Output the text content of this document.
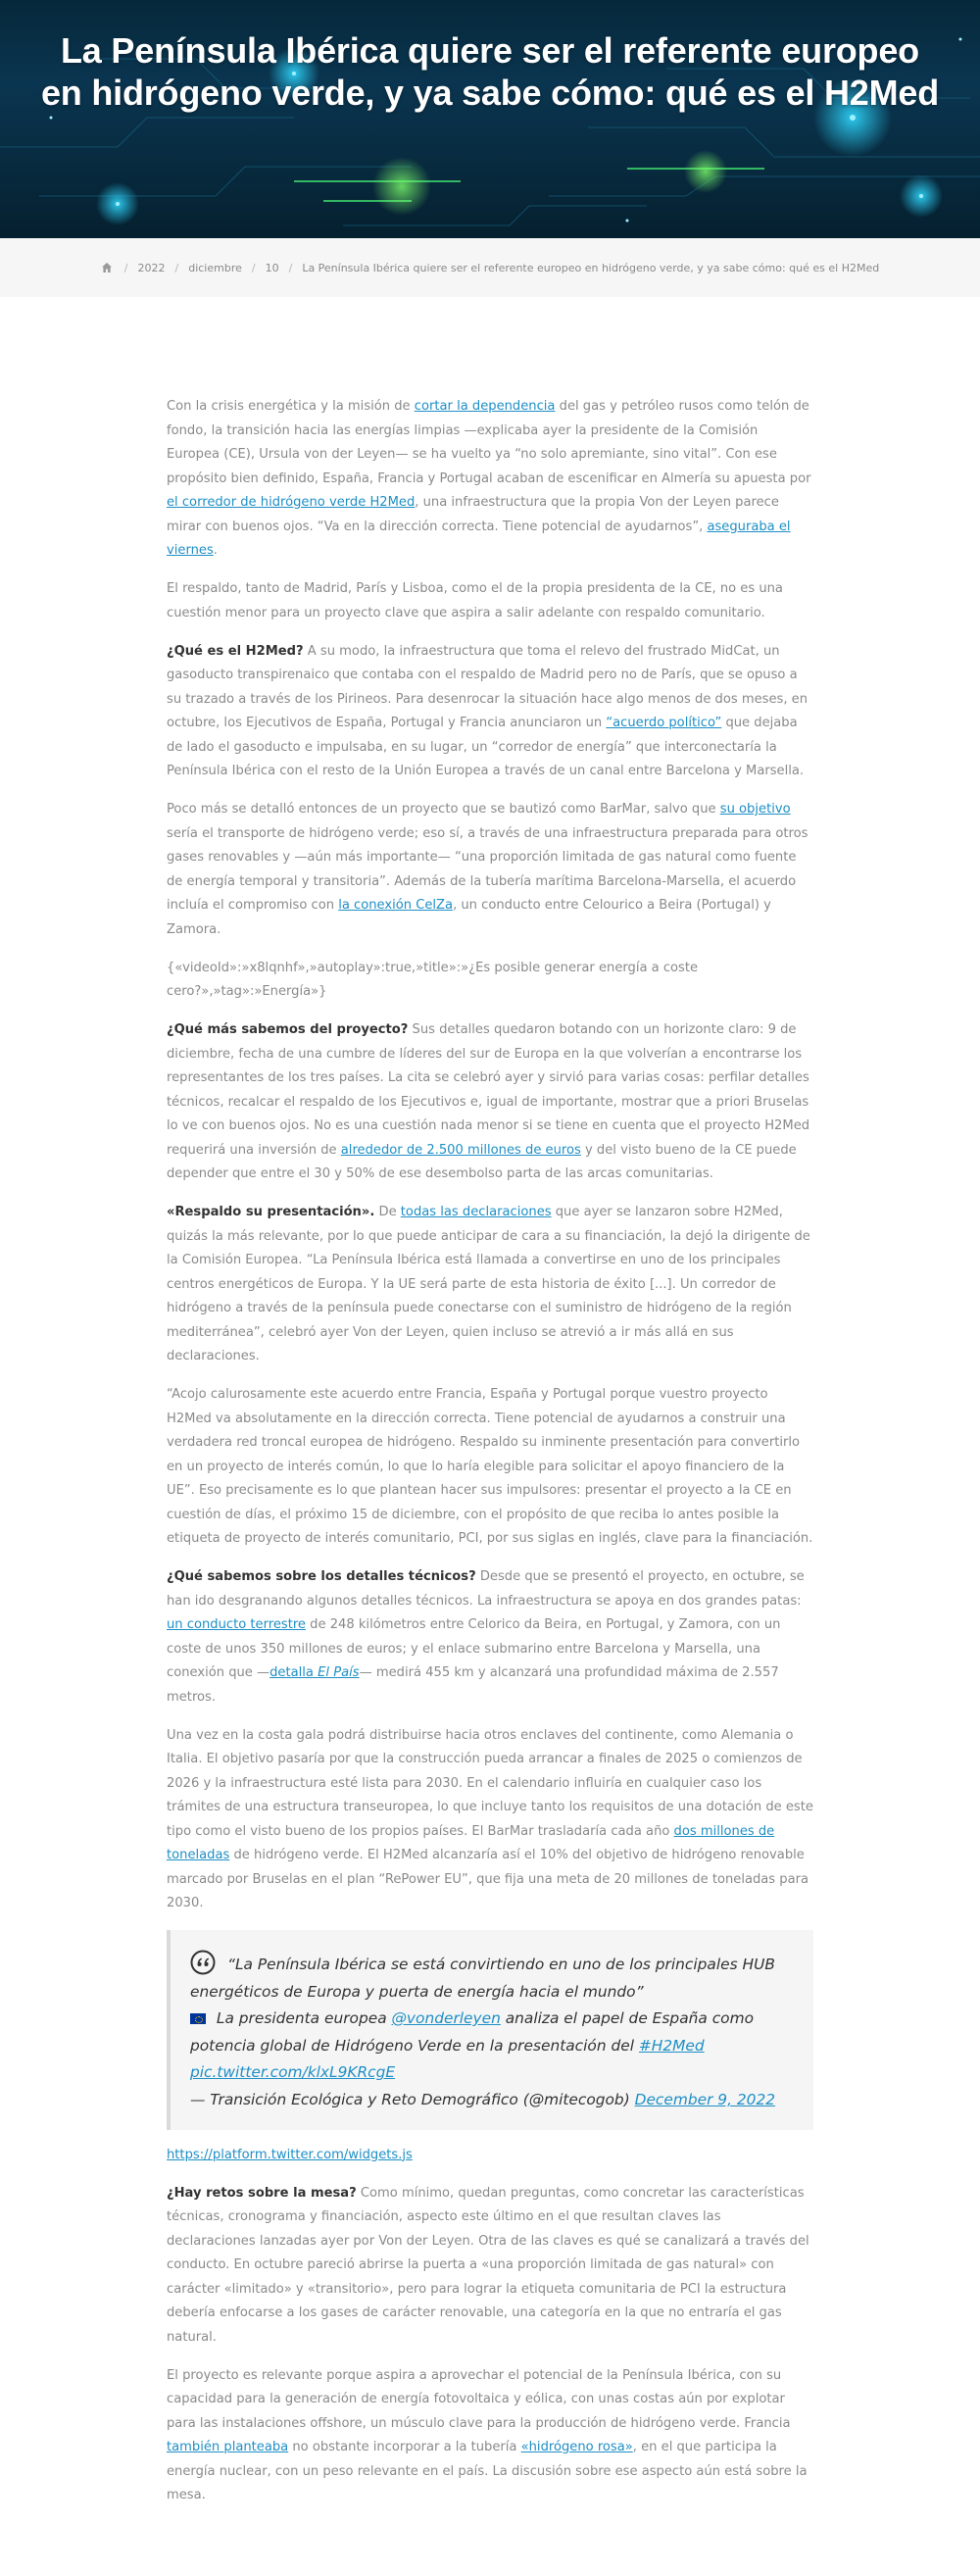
La Península Ibérica quiere ser el referente europeo
en hidrógeno verde, y ya sabe cómo: qué es el H2Med
/ 2022 / diciembre / 10 / La Península Ibérica quiere ser el referente europeo en hidrógeno verde, y ya sabe cómo: qué es el H2Med

Con la crisis energética y la misión de cortar la dependencia del gas y petróleo rusos como telón de fondo, la transición hacia las energías limpias —explicaba ayer la presidente de la Comisión Europea (CE), Ursula von der Leyen— se ha vuelto ya “no solo apremiante, sino vital”. Con ese propósito bien definido, España, Francia y Portugal acaban de escenificar en Almería su apuesta por el corredor de hidrógeno verde H2Med, una infraestructura que la propia Von der Leyen parece mirar con buenos ojos. “Va en la dirección correcta. Tiene potencial de ayudarnos”, aseguraba el viernes.

El respaldo, tanto de Madrid, París y Lisboa, como el de la propia presidenta de la CE, no es una cuestión menor para un proyecto clave que aspira a salir adelante con respaldo comunitario.

¿Qué es el H2Med? A su modo, la infraestructura que toma el relevo del frustrado MidCat, un gasoducto transpirenaico que contaba con el respaldo de Madrid pero no de París, que se opuso a su trazado a través de los Pirineos. Para desenrocar la situación hace algo menos de dos meses, en octubre, los Ejecutivos de España, Portugal y Francia anunciaron un “acuerdo político” que dejaba de lado el gasoducto e impulsaba, en su lugar, un “corredor de energía” que interconectaría la Península Ibérica con el resto de la Unión Europea a través de un canal entre Barcelona y Marsella.

Poco más se detalló entonces de un proyecto que se bautizó como BarMar, salvo que su objetivo sería el transporte de hidrógeno verde; eso sí, a través de una infraestructura preparada para otros gases renovables y —aún más importante— “una proporción limitada de gas natural como fuente de energía temporal y transitoria”. Además de la tubería marítima Barcelona-Marsella, el acuerdo incluía el compromiso con la conexión CelZa, un conducto entre Celourico a Beira (Portugal) y Zamora.

{«videoId»:»x8lqnhf»,»autoplay»:true,»title»:»¿Es posible generar energía a coste cero?»,»tag»:»Energía»}

¿Qué más sabemos del proyecto? Sus detalles quedaron botando con un horizonte claro: 9 de diciembre, fecha de una cumbre de líderes del sur de Europa en la que volverían a encontrarse los representantes de los tres países. La cita se celebró ayer y sirvió para varias cosas: perfilar detalles técnicos, recalcar el respaldo de los Ejecutivos e, igual de importante, mostrar que a priori Bruselas lo ve con buenos ojos. No es una cuestión nada menor si se tiene en cuenta que el proyecto H2Med requerirá una inversión de alrededor de 2.500 millones de euros y del visto bueno de la CE puede depender que entre el 30 y 50% de ese desembolso parta de las arcas comunitarias.

«Respaldo su presentación». De todas las declaraciones que ayer se lanzaron sobre H2Med, quizás la más relevante, por lo que puede anticipar de cara a su financiación, la dejó la dirigente de la Comisión Europea. “La Península Ibérica está llamada a convertirse en uno de los principales centros energéticos de Europa. Y la UE será parte de esta historia de éxito [...]. Un corredor de hidrógeno a través de la península puede conectarse con el suministro de hidrógeno de la región mediterránea”, celebró ayer Von der Leyen, quien incluso se atrevió a ir más allá en sus declaraciones.

“Acojo calurosamente este acuerdo entre Francia, España y Portugal porque vuestro proyecto H2Med va absolutamente en la dirección correcta. Tiene potencial de ayudarnos a construir una verdadera red troncal europea de hidrógeno. Respaldo su inminente presentación para convertirlo en un proyecto de interés común, lo que lo haría elegible para solicitar el apoyo financiero de la UE”. Eso precisamente es lo que plantean hacer sus impulsores: presentar el proyecto a la CE en cuestión de días, el próximo 15 de diciembre, con el propósito de que reciba lo antes posible la etiqueta de proyecto de interés comunitario, PCI, por sus siglas en inglés, clave para la financiación.

¿Qué sabemos sobre los detalles técnicos? Desde que se presentó el proyecto, en octubre, se han ido desgranando algunos detalles técnicos. La infraestructura se apoya en dos grandes patas: un conducto terrestre de 248 kilómetros entre Celorico da Beira, en Portugal, y Zamora, con un coste de unos 350 millones de euros; y el enlace submarino entre Barcelona y Marsella, una conexión que —detalla El País— medirá 455 km y alcanzará una profundidad máxima de 2.557 metros.

Una vez en la costa gala podrá distribuirse hacia otros enclaves del continente, como Alemania o Italia. El objetivo pasaría por que la construcción pueda arrancar a finales de 2025 o comienzos de 2026 y la infraestructura esté lista para 2030. En el calendario influiría en cualquier caso los trámites de una estructura transeuropea, lo que incluye tanto los requisitos de una dotación de este tipo como el visto bueno de los propios países. El BarMar trasladaría cada año dos millones de toneladas de hidrógeno verde. El H2Med alcanzaría así el 10% del objetivo de hidrógeno renovable marcado por Bruselas en el plan “RePower EU”, que fija una meta de 20 millones de toneladas para 2030.

“La Península Ibérica se está convirtiendo en uno de los principales HUB energéticos de Europa y puerta de energía hacia el mundo”
La presidenta europea @vonderleyen analiza el papel de España como potencia global de Hidrógeno Verde en la presentación del #H2Med
pic.twitter.com/klxL9KRcgE
— Transición Ecológica y Reto Demográfico (@mitecogob) December 9, 2022

https://platform.twitter.com/widgets.js

¿Hay retos sobre la mesa? Como mínimo, quedan preguntas, como concretar las características técnicas, cronograma y financiación, aspecto este último en el que resultan claves las declaraciones lanzadas ayer por Von der Leyen. Otra de las claves es qué se canalizará a través del conducto. En octubre pareció abrirse la puerta a «una proporción limitada de gas natural» con carácter «limitado» y «transitorio», pero para lograr la etiqueta comunitaria de PCI la estructura debería enfocarse a los gases de carácter renovable, una categoría en la que no entraría el gas natural.

El proyecto es relevante porque aspira a aprovechar el potencial de la Península Ibérica, con su capacidad para la generación de energía fotovoltaica y eólica, con unas costas aún por explotar para las instalaciones offshore, un músculo clave para la producción de hidrógeno verde. Francia también planteaba no obstante incorporar a la tubería «hidrógeno rosa», en el que participa la energía nuclear, con un peso relevante en el país. La discusión sobre ese aspecto aún está sobre la mesa.
